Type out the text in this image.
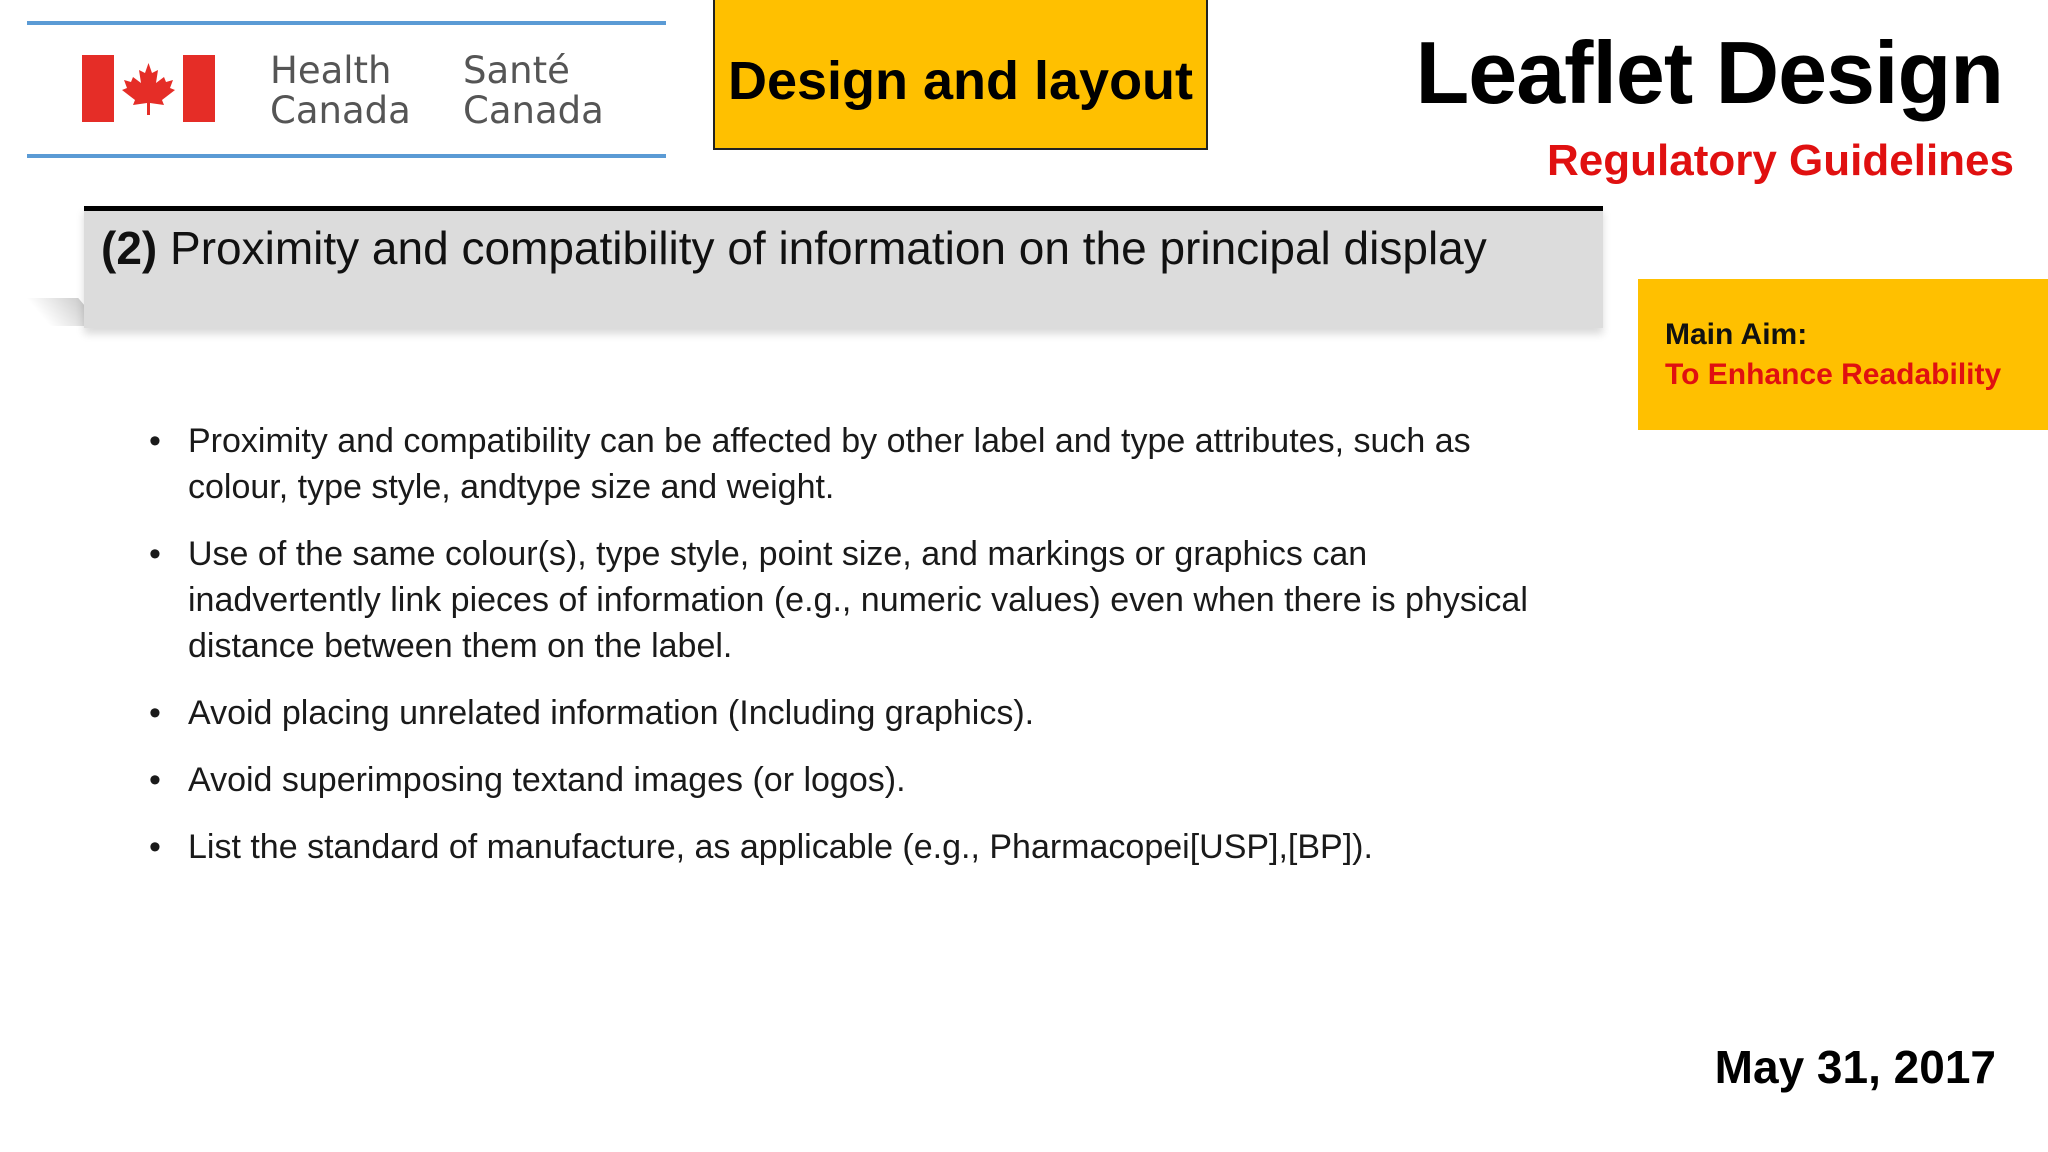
Health
Canada
Santé
Canada Design and layout	Leaflet Design
Regulatory Guidelines
(2) Proximity and compatibility of information on the principal display
Main Aim:
To Enhance Readability
• Proximity and compatibility can be affected by other label and type attributes, such as colour, type style, andtype size and weight.
• Use of the same colour(s), type style, point size, and markings or graphics can inadvertently link pieces of information (e.g., numeric values) even when there is physical distance between them on the label.
• Avoid placing unrelated information (Including graphics).
• Avoid superimposing textand images (or logos).
• List the standard of manufacture, as applicable (e.g., Pharmacopei[USP],[BP]).
May 31, 2017
